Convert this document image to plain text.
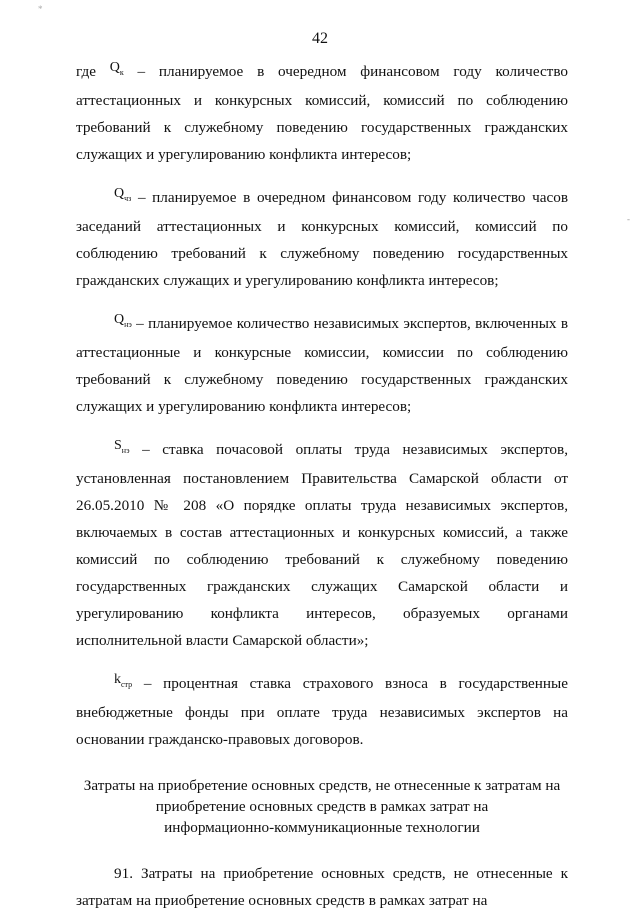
*
42
-

где $Q_к$ – планируемое в очередном финансовом году количество аттестационных и конкурсных комиссий, комиссий по соблюдению требований к служебному поведению государственных гражданских служащих и урегулированию конфликта интересов;

$Q_{чз}$ – планируемое в очередном финансовом году количество часов заседаний аттестационных и конкурсных комиссий, комиссий по соблюдению требований к служебному поведению государственных гражданских служащих и урегулированию конфликта интересов;

$Q_{нэ}$ – планируемое количество независимых экспертов, включенных в аттестационные и конкурсные комиссии, комиссии по соблюдению требований к служебному поведению государственных гражданских служащих и урегулированию конфликта интересов;

$S_{нэ}$ – ставка почасовой оплаты труда независимых экспертов, установленная постановлением Правительства Самарской области от 26.05.2010 № 208 «О порядке оплаты труда независимых экспертов, включаемых в состав аттестационных и конкурсных комиссий, а также комиссий по соблюдению требований к служебному поведению государственных гражданских служащих Самарской области и урегулированию конфликта интересов, образуемых органами исполнительной власти Самарской области»;

$k_{стр}$ – процентная ставка страхового взноса в государственные внебюджетные фонды при оплате труда независимых экспертов на основании гражданско-правовых договоров.

Затраты на приобретение основных средств, не отнесенные к затратам на
приобретение основных средств в рамках затрат на
информационно-коммуникационные технологии

91. Затраты на приобретение основных средств, не отнесенные к затратам на приобретение основных средств в рамках затрат на
